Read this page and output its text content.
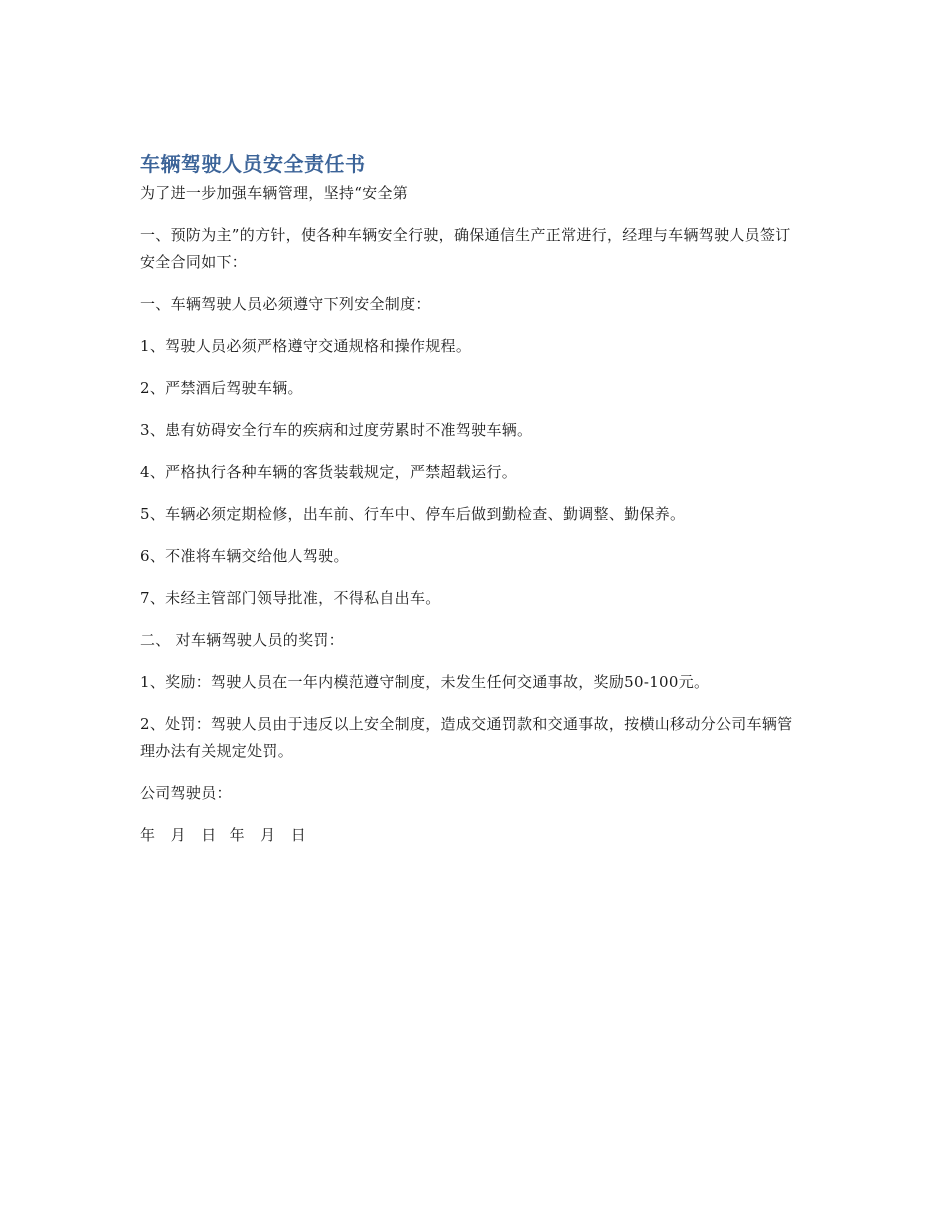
车辆驾驶人员安全责任书

为了进一步加强车辆管理，坚持“安全第

一、预防为主”的方针，使各种车辆安全行驶，确保通信生产正常进行，经理与车辆驾驶人员签订安全合同如下：

一、车辆驾驶人员必须遵守下列安全制度：

1、驾驶人员必须严格遵守交通规格和操作规程。

2、严禁酒后驾驶车辆。

3、患有妨碍安全行车的疾病和过度劳累时不准驾驶车辆。

4、严格执行各种车辆的客货装载规定，严禁超载运行。

5、车辆必须定期检修，出车前、行车中、停车后做到勤检查、勤调整、勤保养。

6、不准将车辆交给他人驾驶。

7、未经主管部门领导批准，不得私自出车。

二、 对车辆驾驶人员的奖罚：

1、奖励：驾驶人员在一年内模范遵守制度，未发生任何交通事故，奖励50-100元。

2、处罚：驾驶人员由于违反以上安全制度，造成交通罚款和交通事故，按横山移动分公司车辆管理办法有关规定处罚。

公司驾驶员：

年　月　日 年　月　日
